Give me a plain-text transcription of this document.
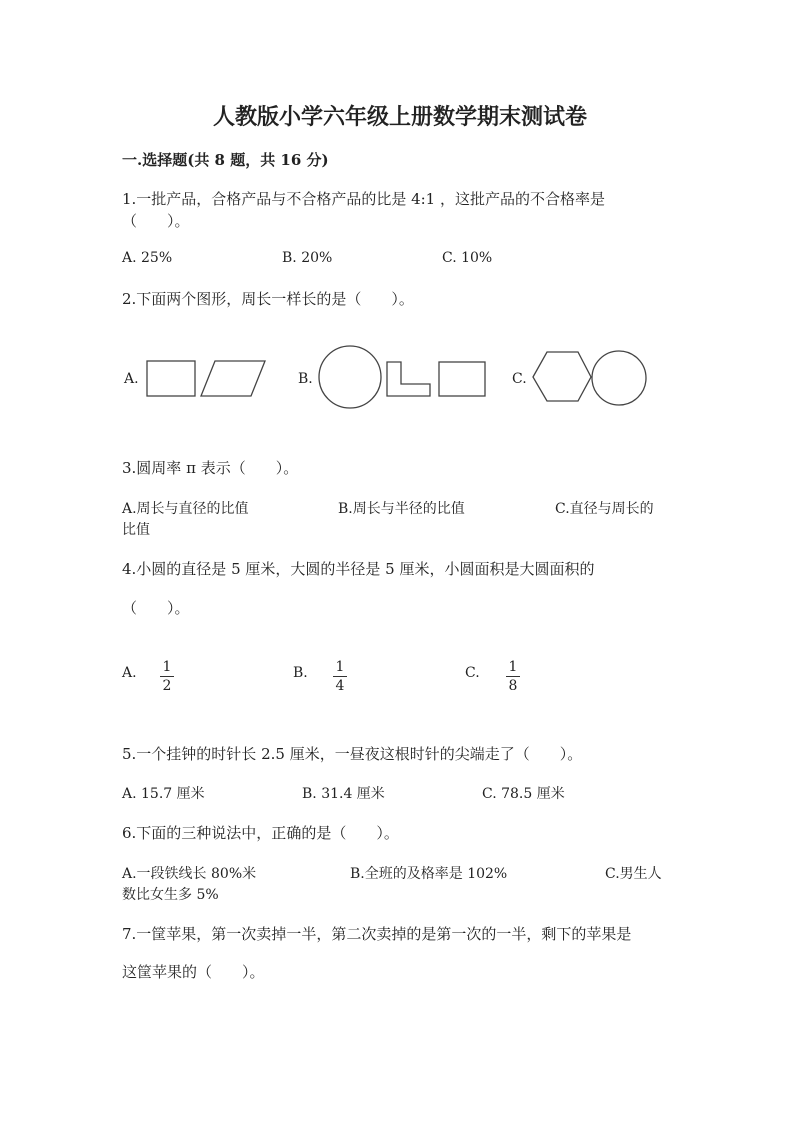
人教版小学六年级上册数学期末测试卷
一.选择题(共 8 题，共 16 分)
1.一批产品，合格产品与不合格产品的比是 4:1 ，这批产品的不合格率是
（　　）。
A. 25%	B. 20%	C. 10%
2.下面两个图形，周长一样长的是（　　）。
A.	B.	C.
3.圆周率 π 表示（　　）。
A.周长与直径的比值	B.周长与半径的比值	C.直径与周长的
比值
4.小圆的直径是 5 厘米，大圆的半径是 5 厘米，小圆面积是大圆面积的
（　　）。
A.	B.	C.
1
2
1
4
1
8
5.一个挂钟的时针长 2.5 厘米，一昼夜这根时针的尖端走了（　　）。
A. 15.7 厘米	B. 31.4 厘米	C. 78.5 厘米
6.下面的三种说法中，正确的是（　　）。
A.一段铁线长 80%米	B.全班的及格率是 102%	C.男生人
数比女生多 5%
7.一筐苹果，第一次卖掉一半，第二次卖掉的是第一次的一半，剩下的苹果是
这筐苹果的（　　）。
